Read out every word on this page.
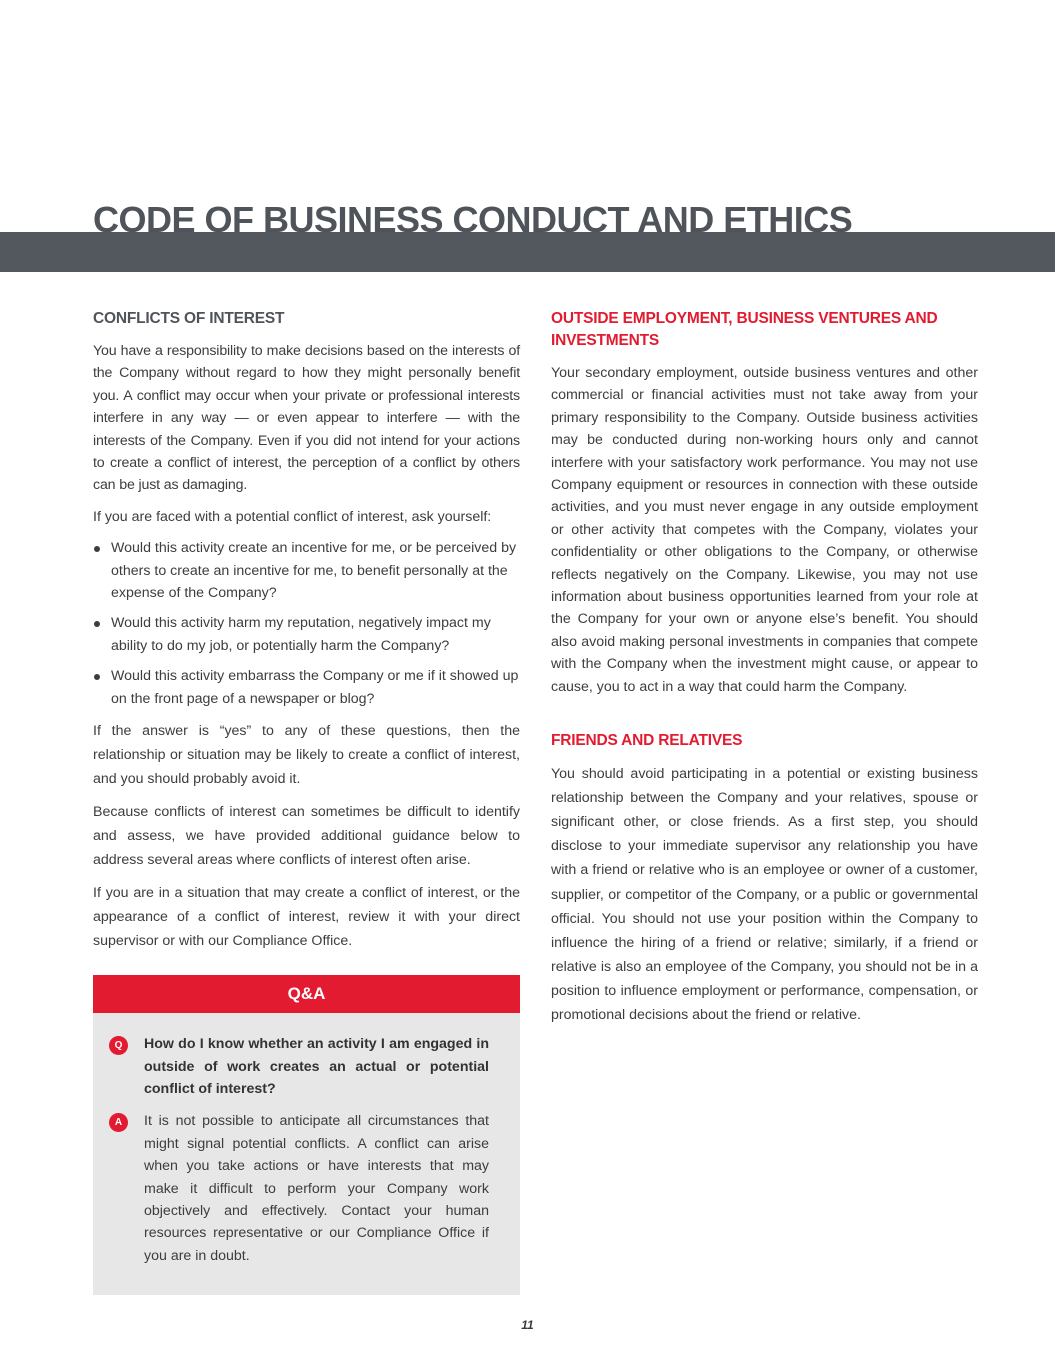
CODE OF BUSINESS CONDUCT AND ETHICS
CONFLICTS OF INTEREST

You have a responsibility to make decisions based on the interests of the Company without regard to how they might personally benefit you. A conflict may occur when your private or professional interests interfere in any way — or even appear to interfere — with the interests of the Company. Even if you did not intend for your actions to create a conflict of interest, the perception of a conflict by others can be just as damaging.

If you are faced with a potential conflict of interest, ask yourself:

Would this activity create an incentive for me, or be perceived by others to create an incentive for me, to benefit personally at the expense of the Company?
Would this activity harm my reputation, negatively impact my ability to do my job, or potentially harm the Company?
Would this activity embarrass the Company or me if it showed up on the front page of a newspaper or blog?

If the answer is “yes” to any of these questions, then the relationship or situation may be likely to create a conflict of interest, and you should probably avoid it.

Because conflicts of interest can sometimes be difficult to identify and assess, we have provided additional guidance below to address several areas where conflicts of interest often arise.

If you are in a situation that may create a conflict of interest, or the appearance of a conflict of interest, review it with your direct supervisor or with our Compliance Office.

Q&A
Q	How do I know whether an activity I am engaged in outside of work creates an actual or potential conflict of interest?
A	It is not possible to anticipate all circumstances that might signal potential conflicts. A conflict can arise when you take actions or have interests that may make it difficult to perform your Company work objectively and effectively. Contact your human resources representative or our Compliance Office if you are in doubt.
OUTSIDE EMPLOYMENT, BUSINESS VENTURES AND INVESTMENTS

Your secondary employment, outside business ventures and other commercial or financial activities must not take away from your primary responsibility to the Company. Outside business activities may be conducted during non-working hours only and cannot interfere with your satisfactory work performance. You may not use Company equipment or resources in connection with these outside activities, and you must never engage in any outside employment or other activity that competes with the Company, violates your confidentiality or other obligations to the Company, or otherwise reflects negatively on the Company. Likewise, you may not use information about business opportunities learned from your role at the Company for your own or anyone else’s benefit. You should also avoid making personal investments in companies that compete with the Company when the investment might cause, or appear to cause, you to act in a way that could harm the Company.

FRIENDS AND RELATIVES

You should avoid participating in a potential or existing business relationship between the Company and your relatives, spouse or significant other, or close friends. As a first step, you should disclose to your immediate supervisor any relationship you have with a friend or relative who is an employee or owner of a customer, supplier, or competitor of the Company, or a public or governmental official. You should not use your position within the Company to influence the hiring of a friend or relative; similarly, if a friend or relative is also an employee of the Company, you should not be in a position to influence employment or performance, compensation, or promotional decisions about the friend or relative.

11
